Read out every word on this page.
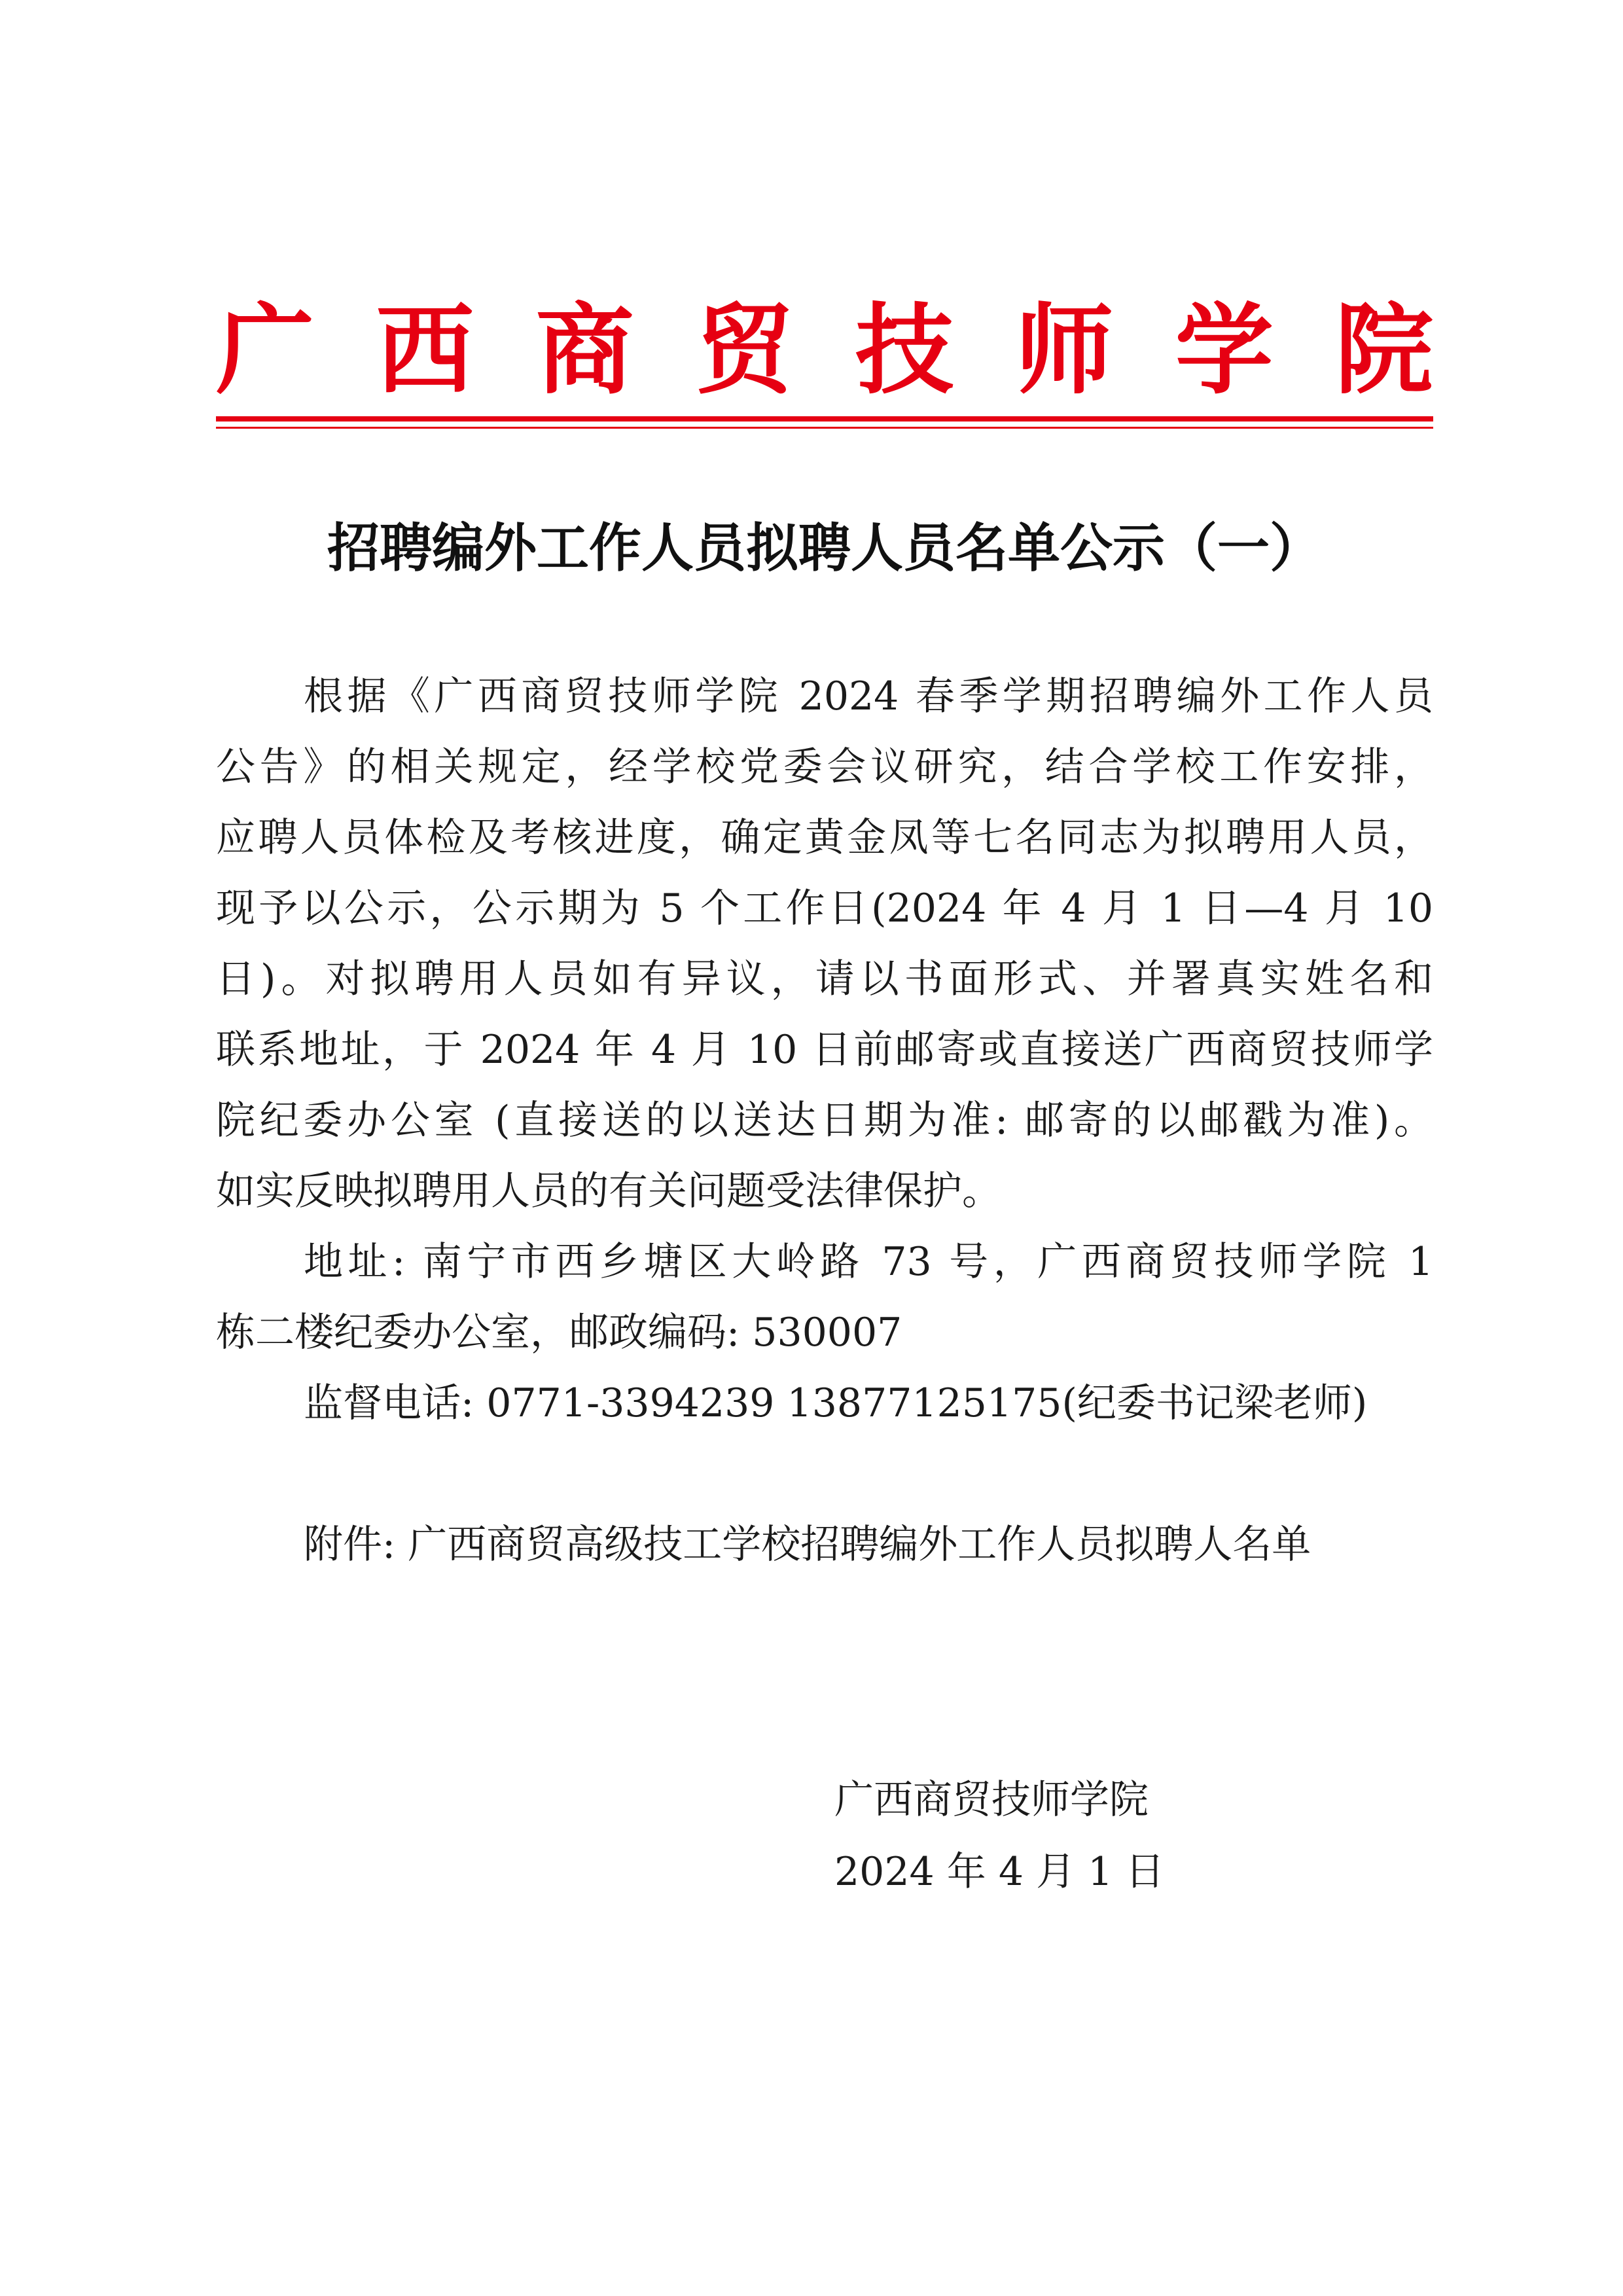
广 西 商 贸 技 师 学 院
招聘编外工作人员拟聘人员名单公示（一）
根据《广西商贸技师学院 2024 春季学期招聘编外工作人员
公告》的相关规定，经学校党委会议研究，结合学校工作安排，
应聘人员体检及考核进度，确定黄金凤等七名同志为拟聘用人员，
现予以公示，公示期为 5 个工作日(2024 年 4 月 1 日—4 月 10
日)。对拟聘用人员如有异议，请以书面形式、并署真实姓名和
联系地址，于 2024 年 4 月 10 日前邮寄或直接送广西商贸技师学
院纪委办公室 (直接送的以送达日期为准: 邮寄的以邮戳为准)。
如实反映拟聘用人员的有关问题受法律保护。
地址: 南宁市西乡塘区大岭路 73 号，广西商贸技师学院 1
栋二楼纪委办公室，邮政编码: 530007
监督电话: 0771-3394239 13877125175(纪委书记梁老师)
附件: 广西商贸高级技工学校招聘编外工作人员拟聘人名单
广西商贸技师学院
2024 年 4 月 1 日
